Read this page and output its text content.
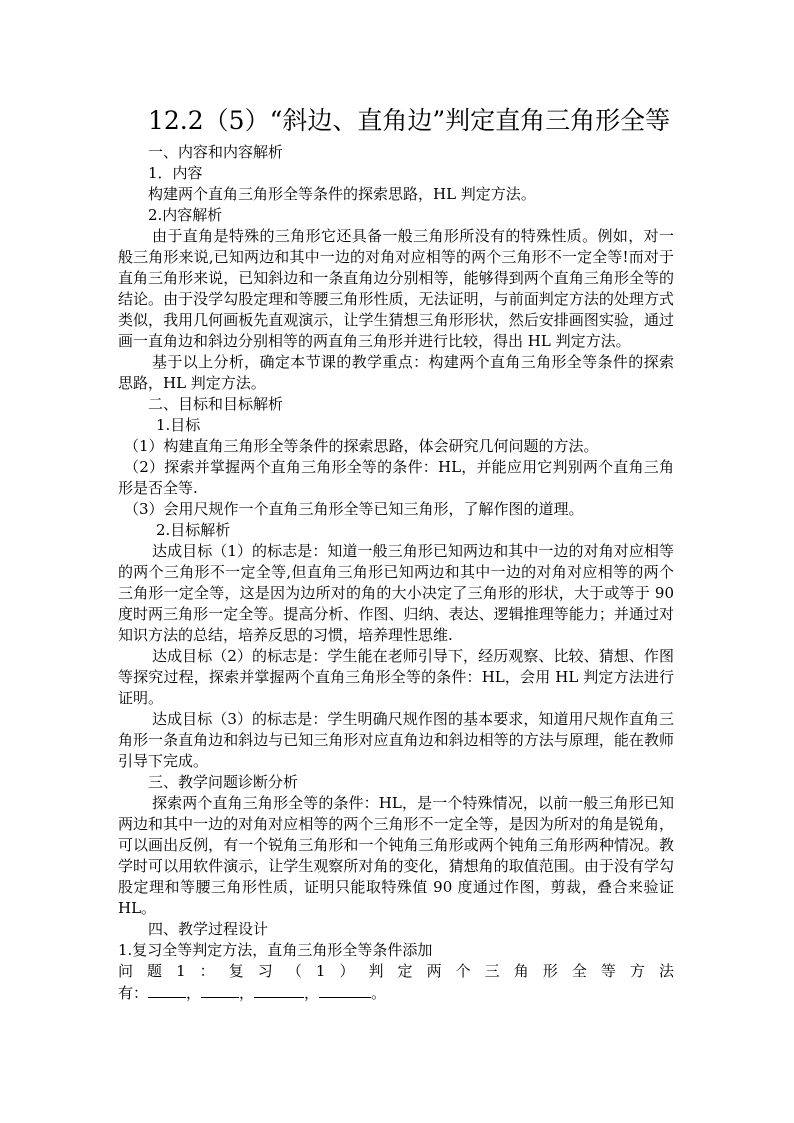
12.2（5）“斜边、直角边”判定直角三角形全等

一、内容和内容解析

1．内容

构建两个直角三角形全等条件的探索思路，HL 判定方法。

2.内容解析

由于直角是特殊的三角形它还具备一般三角形所没有的特殊性质。例如，对一般三角形来说,已知两边和其中一边的对角对应相等的两个三角形不一定全等!而对于直角三角形来说，已知斜边和一条直角边分别相等，能够得到两个直角三角形全等的结论。由于没学勾股定理和等腰三角形性质，无法证明，与前面判定方法的处理方式类似，我用几何画板先直观演示，让学生猜想三角形形状，然后安排画图实验，通过画一直角边和斜边分别相等的两直角三角形并进行比较，得出 HL 判定方法。

基于以上分析，确定本节课的教学重点：构建两个直角三角形全等条件的探索思路，HL 判定方法。

二、目标和目标解析

1.目标

（1）构建直角三角形全等条件的探索思路，体会研究几何问题的方法。

（2）探索并掌握两个直角三角形全等的条件：HL，并能应用它判别两个直角三角形是否全等.

（3）会用尺规作一个直角三角形全等已知三角形，了解作图的道理。

2.目标解析

达成目标（1）的标志是：知道一般三角形已知两边和其中一边的对角对应相等的两个三角形不一定全等,但直角三角形已知两边和其中一边的对角对应相等的两个三角形一定全等，这是因为边所对的角的大小决定了三角形的形状，大于或等于 90 度时两三角形一定全等。提高分析、作图、归纳、表达、逻辑推理等能力；并通过对知识方法的总结，培养反思的习惯，培养理性思维.

达成目标（2）的标志是：学生能在老师引导下，经历观察、比较、猜想、作图等探究过程，探索并掌握两个直角三角形全等的条件：HL，会用 HL 判定方法进行证明。

达成目标（3）的标志是：学生明确尺规作图的基本要求，知道用尺规作直角三角形一条直角边和斜边与已知三角形对应直角边和斜边相等的方法与原理，能在教师引导下完成。

三、教学问题诊断分析

探索两个直角三角形全等的条件：HL，是一个特殊情况，以前一般三角形已知两边和其中一边的对角对应相等的两个三角形不一定全等，是因为所对的角是锐角，可以画出反例，有一个锐角三角形和一个钝角三角形或两个钝角三角形两种情况。教学时可以用软件演示，让学生观察所对角的变化，猜想角的取值范围。由于没有学勾股定理和等腰三角形性质，证明只能取特殊值 90 度通过作图，剪裁，叠合来验证 HL。

四、教学过程设计

1.复习全等判定方法，直角三角形全等条件添加

问 题 1 ： 复 习 （ 1 ） 判 定 两 个 三 角 形 全 等 方 法

有：	，	，	，	。
